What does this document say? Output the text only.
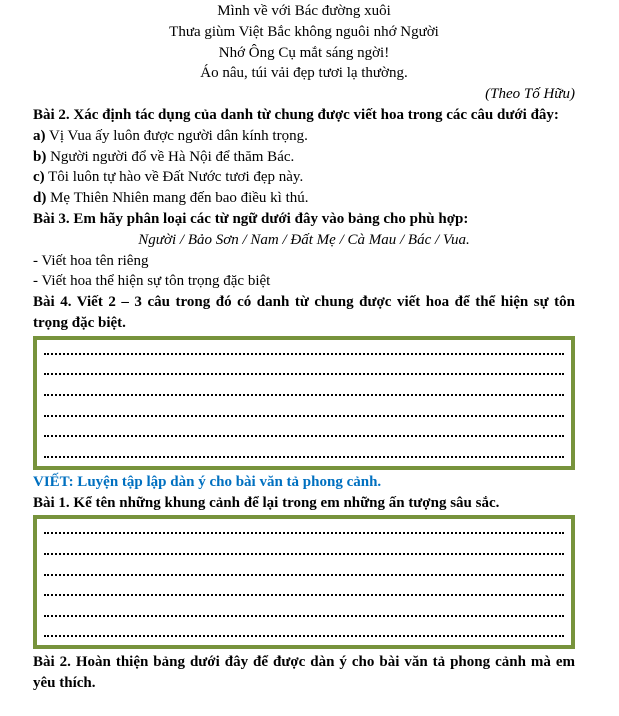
Mình về với Bác đường xuôi

Thưa giùm Việt Bắc không nguôi nhớ Người

Nhớ Ông Cụ mắt sáng ngời!

Áo nâu, túi vải đẹp tươi lạ thường.

(Theo Tố Hữu)

Bài 2. Xác định tác dụng của danh từ chung được viết hoa trong các câu dưới đây:

a) Vị Vua ấy luôn được người dân kính trọng.

b) Người người đổ về Hà Nội để thăm Bác.

c) Tôi luôn tự hào về Đất Nước tươi đẹp này.

d) Mẹ Thiên Nhiên mang đến bao điều kì thú.

Bài 3. Em hãy phân loại các từ ngữ dưới đây vào bảng cho phù hợp:

Người / Bảo Sơn / Nam / Đất Mẹ / Cà Mau / Bác / Vua.

- Viết hoa tên riêng

- Viết hoa thể hiện sự tôn trọng đặc biệt

Bài 4. Viết 2 – 3 câu trong đó có danh từ chung được viết hoa để thể hiện sự tôn trọng đặc biệt.

VIẾT: Luyện tập lập dàn ý cho bài văn tả phong cảnh.

Bài 1. Kể tên những khung cảnh để lại trong em những ấn tượng sâu sắc.

Bài 2. Hoàn thiện bảng dưới đây để được dàn ý cho bài văn tả phong cảnh mà em yêu thích.
